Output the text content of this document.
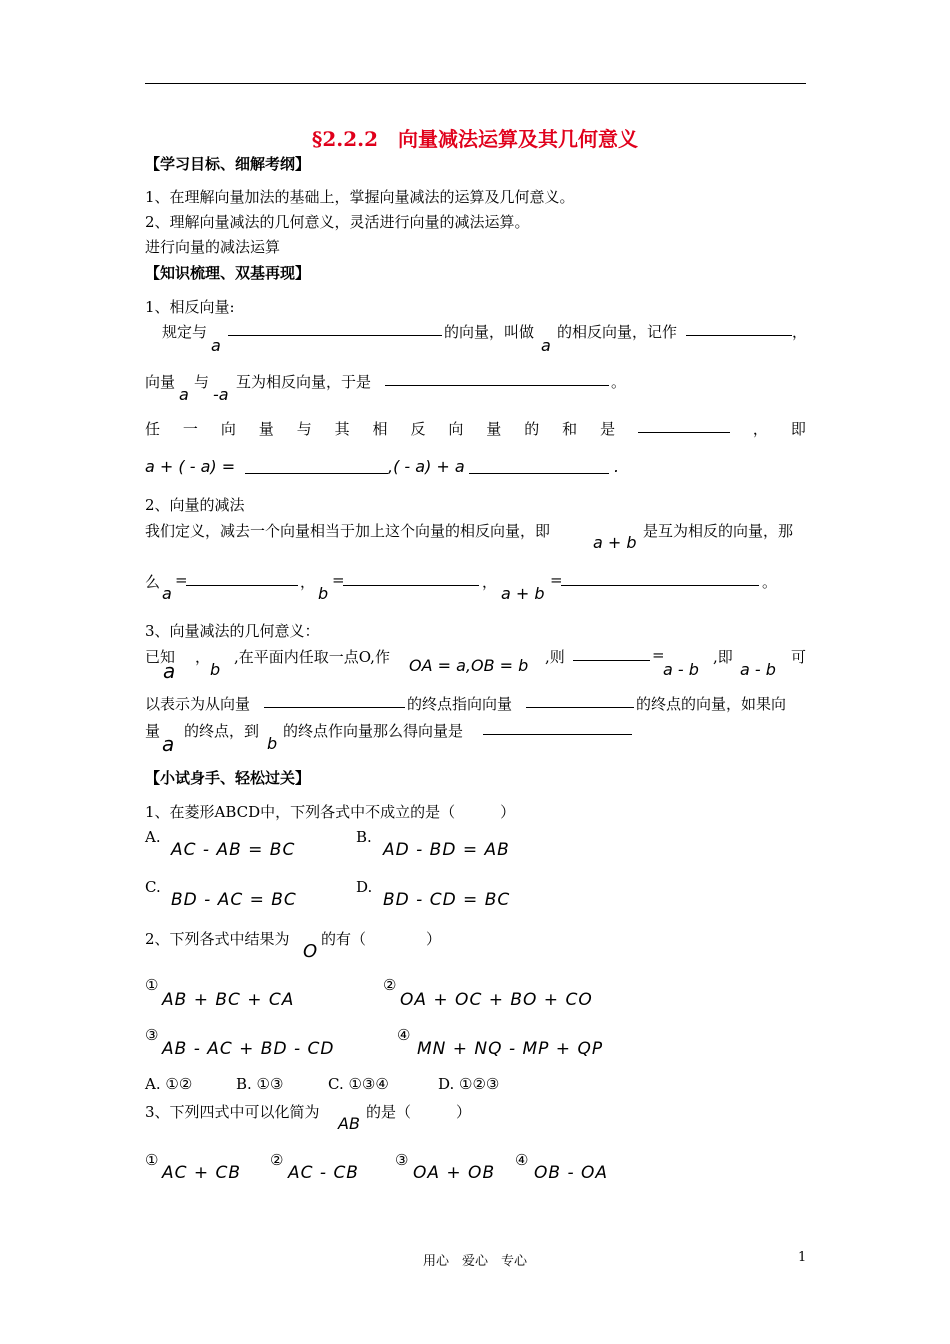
§2.2.2　向量减法运算及其几何意义
【学习目标、细解考纲】
1、在理解向量加法的基础上，掌握向量减法的运算及几何意义。
2、理解向量减法的几何意义，灵活进行向量的减法运算。
进行向量的减法运算
【知识梳理、双基再现】
1、相反向量:
规定与
a
的向量，叫做
a
的相反向量，记作	，
向量
a
与
-a
互为相反向量，于是	。
任 一 向 量 与 其 相 反 向 量 的 和 是	， 即
a + ( - a) =	,( - a) + a	.
2、向量的减法
我们定义，减去一个向量相当于加上这个向量的相反向量，即
a + b
是互为相反的向量，那
么
a
=	，
b
=	，
a + b
=	。
3、向量减法的几何意义：
已知
a
，
b
,在平面内任取一点O,作 OA = a,OB = b ,则	=
a - b
,即
a - b
可
以表示为从向量	的终点指向向量	的终点的向量，如果向
量
a
的终点，到
b
的终点作向量那么得向量是
【小试身手、轻松过关】
1、在菱形ABCD中，下列各式中不成立的是（　　　）
A.
AC - AB = BC
B.
AD - BD = AB
C.
BD - AC = BC
D.
BD - CD = BC
2、下列各式中结果为
O
的有（　　　　）
①
AB + BC + CA
②
OA + OC + BO + CO
③
AB - AC + BD - CD
④
MN + NQ - MP + QP
A. ①②	B. ①③	C. ①③④	D. ①②③
3、下列四式中可以化简为
AB
的是（　　　）
①
AC + CB
②
AC - CB
③
OA + OB
④
OB - OA
用心　爱心　专心	1
